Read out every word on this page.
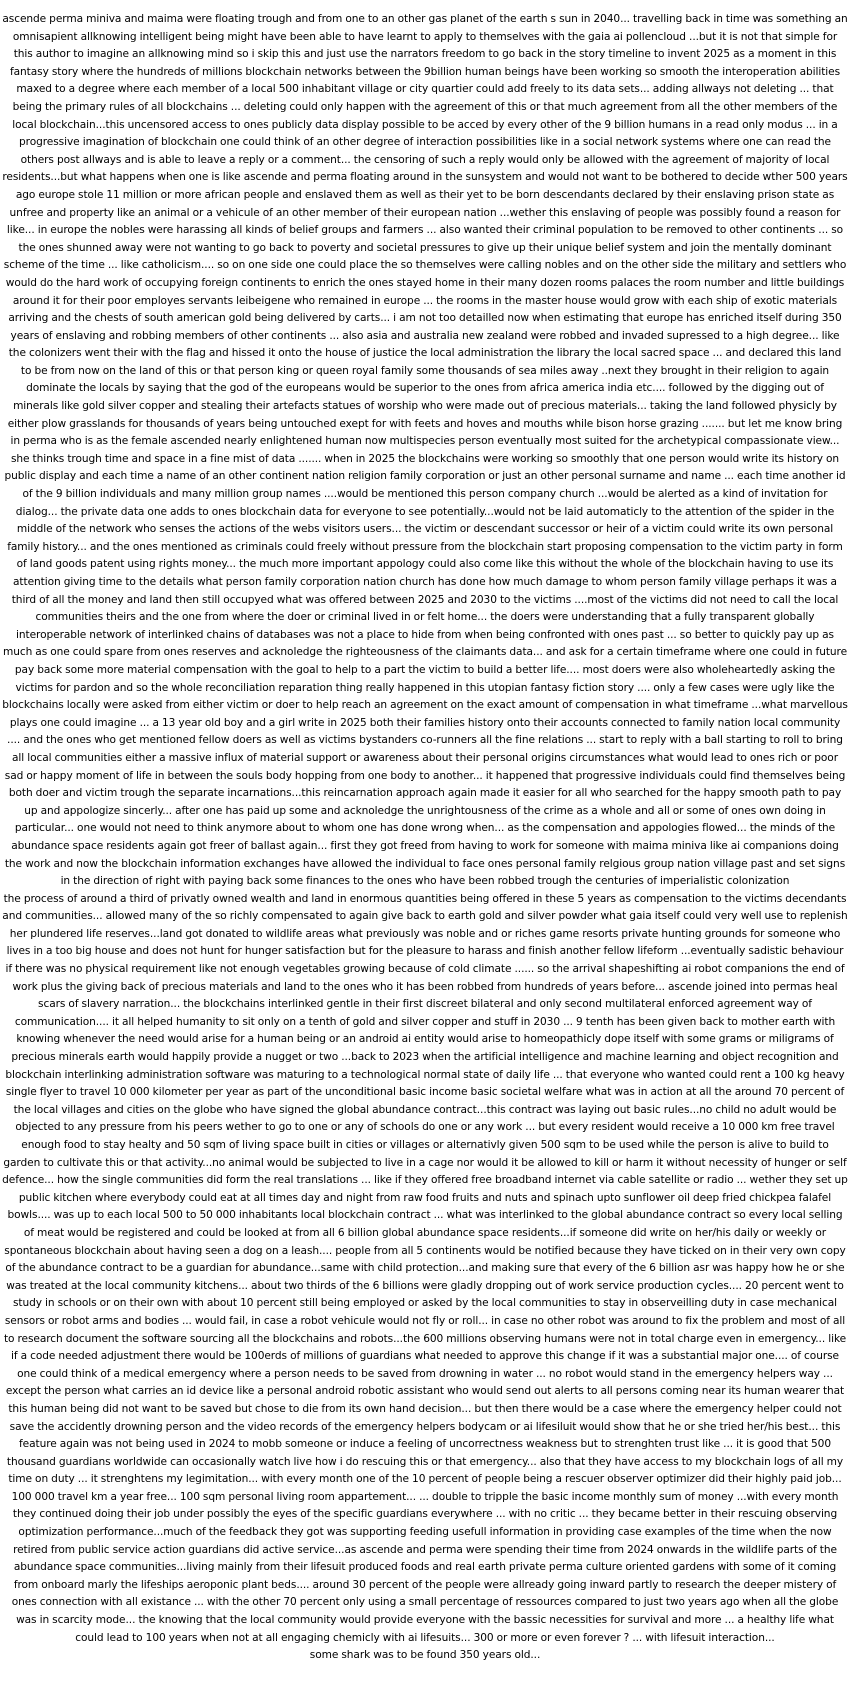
ascende perma miniva and maima were floating trough and from one to an other gas planet of the earth s sun in 2040... travelling back in time was something an omnisapient allknowing intelligent being might have been able to have learnt to apply to themselves with the gaia ai pollencloud ...but it is not that simple for this author to imagine an allknowing mind so i skip this and just use the narrators freedom to go back in the story timeline to invent 2025 as a moment in this fantasy story where the hundreds of millions blockchain networks between the 9billion human beings have been working so smooth the interoperation abilities maxed to a degree where each member of a local 500 inhabitant village or city quartier could add freely to its data sets... adding allways not deleting ... that being the primary rules of all blockchains ... deleting could only happen with the agreement of this or that much agreement from all the other members of the local blockchain...this uncensored access to ones publicly data display possible to be acced by every other of the 9 billion humans in a read only modus ... in a progressive imagination of blockchain one could think of an other degree of interaction possibilities like in a social network systems where one can read the others post allways and is able to leave a reply or a comment... the censoring of such a reply would only be allowed with the agreement of majority of local residents...but what happens when one is like ascende and perma floating around in the sunsystem and would not want to be bothered to decide wther 500 years ago europe stole 11 million or more african people and enslaved them as well as their yet to be born descendants declared by their enslaving prison state as unfree and property like an animal or a vehicule of an other member of their european nation ...wether this enslaving of people was possibly found a reason for like... in europe the nobles were harassing all kinds of belief groups and farmers ... also wanted their criminal population to be removed to other continents ... so the ones shunned away were not wanting to go back to poverty and societal pressures to give up their unique belief system and join the mentally dominant scheme of the time ... like catholicism.... so on one side one could place the so themselves were calling nobles and on the other side the military and settlers who would do the hard work of occupying foreign continents to enrich the ones stayed home in their many dozen rooms palaces the room number and little buildings around it for their poor employes servants leibeigene who remained in europe ... the rooms in the master house would grow with each ship of exotic materials arriving and the chests of south american gold being delivered by carts... i am not too detailled now when estimating that europe has enriched itself during 350 years of enslaving and robbing members of other continents ... also asia and australia new zealand were robbed and invaded supressed to a high degree... like the colonizers went their with the flag and hissed it onto the house of justice the local administration the library the local sacred space ... and declared this land to be from now on the land of this or that person king or queen royal family some thousands of sea miles away ..next they brought in their religion to again dominate the locals by saying that the god of the europeans would be superior to the ones from africa america india etc.... followed by the digging out of minerals like gold silver copper and stealing their artefacts statues of worship who were made out of precious materials... taking the land followed physicly by either plow grasslands for thousands of years being untouched exept for with feets and hoves and mouths while bison horse grazing ....... but let me know bring in perma who is as the female ascended nearly enlightened human now multispecies person eventually most suited for the archetypical compassionate view... she thinks trough time and space in a fine mist of data ....... when in 2025 the blockchains were working so smoothly that one person would write its history on public display and each time a name of an other continent nation religion family corporation or just an other personal surname and name ... each time another id of the 9 billion individuals and many million group names ....would be mentioned this person company church ...would be alerted as a kind of invitation for dialog... the private data one adds to ones blockchain data for everyone to see potentially...would not be laid automaticly to the attention of the spider in the middle of the network who senses the actions of the webs visitors users... the victim or descendant successor or heir of a victim could write its own personal family history... and the ones mentioned as criminals could freely without pressure from the blockchain start proposing compensation to the victim party in form of land goods patent using rights money... the much more important appology could also come like this without the whole of the blockchain having to use its attention giving time to the details what person family corporation nation church has done how much damage to whom person family village perhaps it was a third of all the money and land then still occupyed what was offered between 2025 and 2030 to the victims ....most of the victims did not need to call the local communities theirs and the one from where the doer or criminal lived in or felt home... the doers were understanding that a fully transparent globally interoperable network of interlinked chains of databases was not a place to hide from when being confronted with ones past ... so better to quickly pay up as much as one could spare from ones reserves and acknoledge the righteousness of the claimants data... and ask for a certain timeframe where one could in future pay back some more material compensation with the goal to help to a part the victim to build a better life.... most doers were also wholeheartedly asking the victims for pardon and so the whole reconciliation reparation thing really happened in this utopian fantasy fiction story .... only a few cases were ugly like the blockchains locally were asked from either victim or doer to help reach an agreement on the exact amount of compensation in what timeframe ...what marvellous plays one could imagine ... a 13 year old boy and a girl write in 2025 both their families history onto their accounts connected to family nation local community .... and the ones who get mentioned fellow doers as well as victims bystanders co-runners all the fine relations ... start to reply with a ball starting to roll to bring all local communities either a massive influx of material support or awareness about their personal origins circumstances what would lead to ones rich or poor sad or happy moment of life in between the souls body hopping from one body to another... it happened that progressive individuals could find themselves being both doer and victim trough the separate incarnations...this reincarnation approach again made it easier for all who searched for the happy smooth path to pay up and appologize sincerly... after one has paid up some and acknoledge the unrightousness of the crime as a whole and all or some of ones own doing in particular... one would not need to think anymore about to whom one has done wrong when... as the compensation and appologies flowed... the minds of the abundance space residents again got freer of ballast again... first they got freed from having to work for someone with maima miniva like ai companions doing the work and now the blockchain information exchanges have allowed the individual to face ones personal family relgious group nation village past and set signs in the direction of right with paying back some finances to the ones who have been robbed trough the centuries of imperialistic colonization

the process of around a third of privatly owned wealth and land in enormous quantities being offered in these 5 years as compensation to the victims decendants and communities... allowed many of the so richly compensated to again give back to earth gold and silver powder what gaia itself could very well use to replenish her plundered life reserves...land got donated to wildlife areas what previously was noble and or riches game resorts private hunting grounds for someone who lives in a too big house and does not hunt for hunger satisfaction but for the pleasure to harass and finish another fellow lifeform ...eventually sadistic behaviour if there was no physical requirement like not enough vegetables growing because of cold climate ...... so the arrival shapeshifting ai robot companions the end of work plus the giving back of precious materials and land to the ones who it has been robbed from hundreds of years before... ascende joined into permas heal scars of slavery narration... the blockchains interlinked gentle in their first discreet bilateral and only second multilateral enforced agreement way of communication.... it all helped humanity to sit only on a tenth of gold and silver copper and stuff in 2030 ... 9 tenth has been given back to mother earth with knowing whenever the need would arise for a human being or an android ai entity would arise to homeopathicly dope itself with some grams or miligrams of precious minerals earth would happily provide a nugget or two ...back to 2023 when the artificial intelligence and machine learning and object recognition and blockchain interlinking administration software was maturing to a technological normal state of daily life ... that everyone who wanted could rent a 100 kg heavy single flyer to travel 10 000 kilometer per year as part of the unconditional basic income basic societal welfare what was in action at all the around 70 percent of the local villages and cities on the globe who have signed the global abundance contract...this contract was laying out basic rules...no child no adult would be objected to any pressure from his peers wether to go to one or any of schools do one or any work ... but every resident would receive a 10 000 km free travel enough food to stay healty and 50 sqm of living space built in cities or villages or alternativly given 500 sqm to be used while the person is alive to build to garden to cultivate this or that activity...no animal would be subjected to live in a cage nor would it be allowed to kill or harm it without necessity of hunger or self defence... how the single communities did form the real translations ... like if they offered free broadband internet via cable satellite or radio ... wether they set up public kitchen where everybody could eat at all times day and night from raw food fruits and nuts and spinach upto sunflower oil deep fried chickpea falafel bowls.... was up to each local 500 to 50 000 inhabitants local blockchain contract ... what was interlinked to the global abundance contract so every local selling of meat would be registered and could be looked at from all 6 billion global abundance space residents...if someone did write on her/his daily or weekly or spontaneous blockchain about having seen a dog on a leash.... people from all 5 continents would be notified because they have ticked on in their very own copy of the abundance contract to be a guardian for abundance...same with child protection...and making sure that every of the 6 billion asr was happy how he or she was treated at the local community kitchens... about two thirds of the 6 billions were gladly dropping out of work service production cycles.... 20 percent went to study in schools or on their own with about 10 percent still being employed or asked by the local communities to stay in observeilling duty in case mechanical sensors or robot arms and bodies ... would fail, in case a robot vehicule would not fly or roll... in case no other robot was around to fix the problem and most of all to research document the software sourcing all the blockchains and robots...the 600 millions observing humans were not in total charge even in emergency... like if a code needed adjustment there would be 100erds of millions of guardians what needed to approve this change if it was a substantial major one.... of course one could think of a medical emergency where a person needs to be saved from drowning in water ... no robot would stand in the emergency helpers way ... except the person what carries an id device like a personal android robotic assistant who would send out alerts to all persons coming near its human wearer that this human being did not want to be saved but chose to die from its own hand decision... but then there would be a case where the emergency helper could not save the accidently drowning person and the video records of the emergency helpers bodycam or ai lifesiluit would show that he or she tried her/his best... this feature again was not being used in 2024 to mobb someone or induce a feeling of uncorrectness weakness but to strenghten trust like ... it is good that 500 thousand guardians worldwide can occasionally watch live how i do rescuing this or that emergency... also that they have access to my blockchain logs of all my time on duty ... it strenghtens my legimitation... with every month one of the 10 percent of people being a rescuer observer optimizer did their highly paid job... 100 000 travel km a year free... 100 sqm personal living room appartement... ... double to tripple the basic income monthly sum of money ...with every month they continued doing their job under possibly the eyes of the specific guardians everywhere ... with no critic ... they became better in their rescuing observing optimization performance...much of the feedback they got was supporting feeding usefull information in providing case examples of the time when the now retired from public service action guardians did active service...as ascende and perma were spending their time from 2024 onwards in the wildlife parts of the abundance space communities...living mainly from their lifesuit produced foods and real earth private perma culture oriented gardens with some of it coming from onboard marly the lifeships aeroponic plant beds.... around 30 percent of the people were allready going inward partly to research the deeper mistery of ones connection with all existance ... with the other 70 percent only using a small percentage of ressources compared to just two years ago when all the globe was in scarcity mode... the knowing that the local community would provide everyone with the bassic necessities for survival and more ... a healthy life what could lead to 100 years when not at all engaging chemicly with ai lifesuits... 300 or more or even forever ? ... with lifesuit interaction...

some shark was to be found 350 years old...
